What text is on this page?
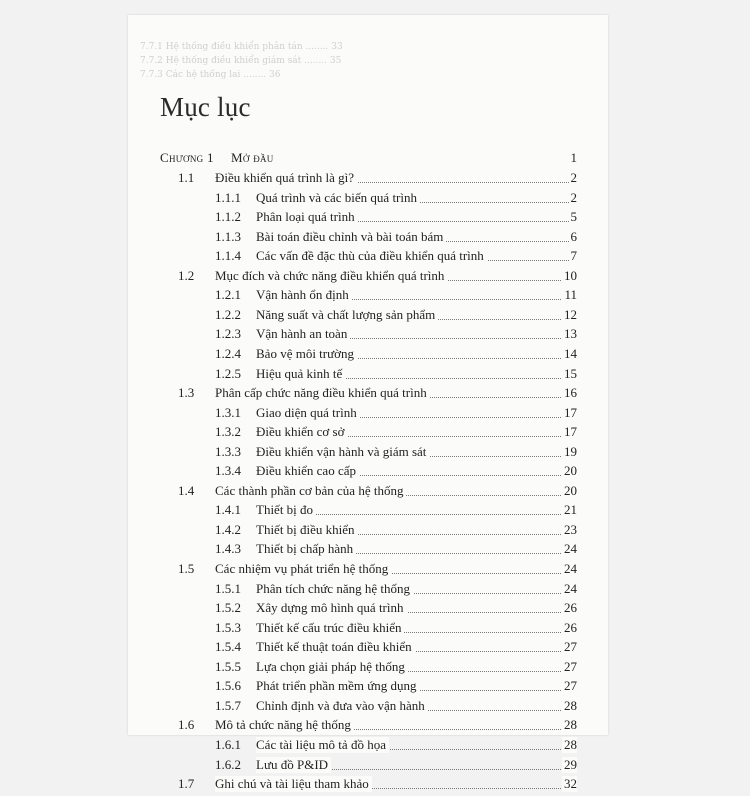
7.7.1 Hệ thống điều khiển phân tán ........ 33
7.7.2 Hệ thống điều khiển giám sát ........ 35
7.7.3 Các hệ thống lai ........ 36
Mục lục
Chương 1 Mở đầu	1
1.1 Điều khiển quá trình là gì?	2
1.1.1 Quá trình và các biến quá trình	2
1.1.2 Phân loại quá trình	5
1.1.3 Bài toán điều chỉnh và bài toán bám	6
1.1.4 Các vấn đề đặc thù của điều khiển quá trình	7
1.2 Mục đích và chức năng điều khiển quá trình	10
1.2.1 Vận hành ổn định	11
1.2.2 Năng suất và chất lượng sản phẩm	12
1.2.3 Vận hành an toàn	13
1.2.4 Bảo vệ môi trường	14
1.2.5 Hiệu quả kinh tế	15
1.3 Phân cấp chức năng điều khiển quá trình	16
1.3.1 Giao diện quá trình	17
1.3.2 Điều khiển cơ sở	17
1.3.3 Điều khiển vận hành và giám sát	19
1.3.4 Điều khiển cao cấp	20
1.4 Các thành phần cơ bản của hệ thống	20
1.4.1 Thiết bị đo	21
1.4.2 Thiết bị điều khiển	23
1.4.3 Thiết bị chấp hành	24
1.5 Các nhiệm vụ phát triển hệ thống	24
1.5.1 Phân tích chức năng hệ thống	24
1.5.2 Xây dựng mô hình quá trình	26
1.5.3 Thiết kế cấu trúc điều khiển	26
1.5.4 Thiết kế thuật toán điều khiển	27
1.5.5 Lựa chọn giải pháp hệ thống	27
1.5.6 Phát triển phần mềm ứng dụng	27
1.5.7 Chỉnh định và đưa vào vận hành	28
1.6 Mô tả chức năng hệ thống	28
1.6.1 Các tài liệu mô tả đồ họa	28
1.6.2 Lưu đồ P&ID	29
1.7 Ghi chú và tài liệu tham khảo	32
